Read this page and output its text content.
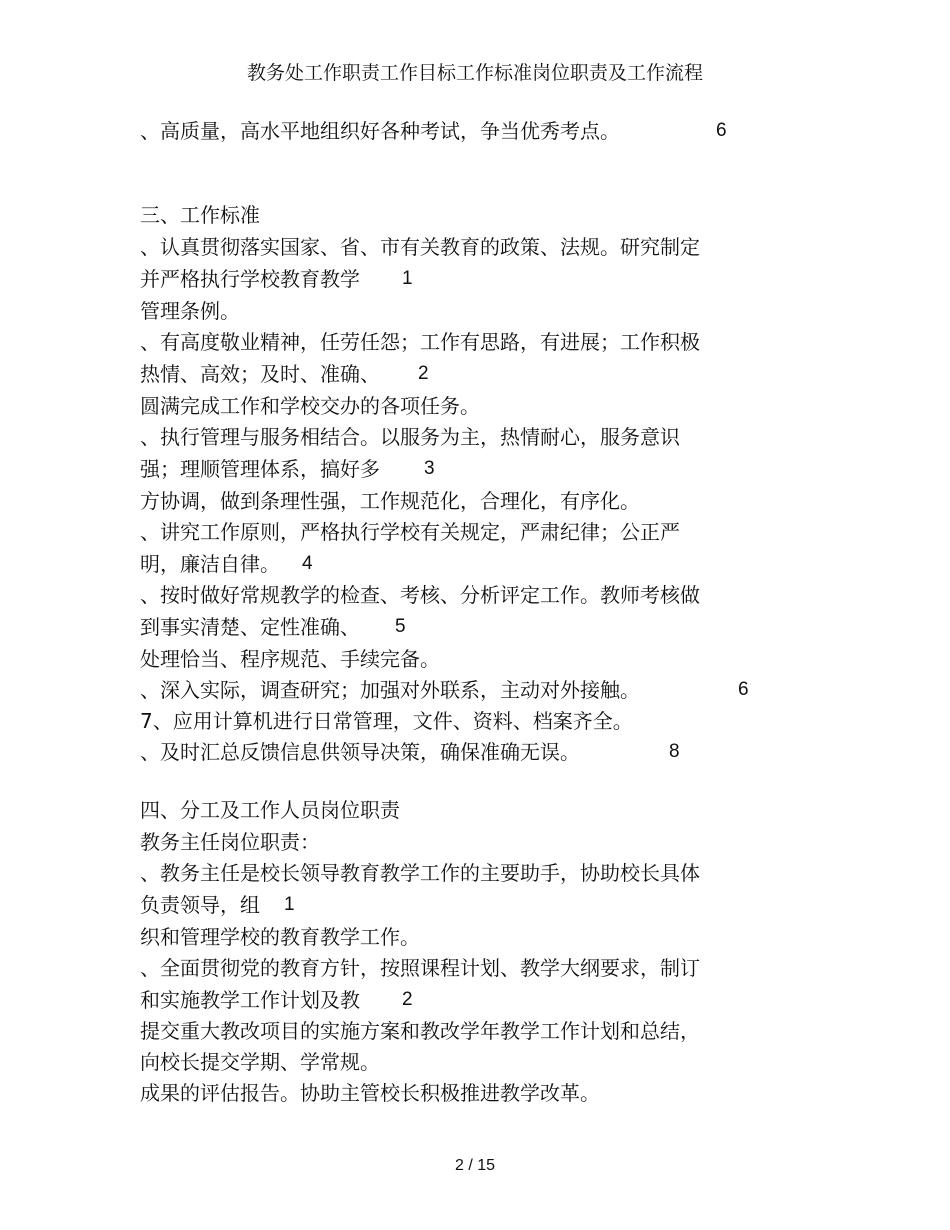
教务处工作职责工作目标工作标准岗位职责及工作流程
、高质量，高水平地组织好各种考试，争当优秀考点。	6
三、工作标准
、认真贯彻落实国家、省、市有关教育的政策、法规。研究制定
并严格执行学校教育教学 1
管理条例。
、有高度敬业精神，任劳任怨；工作有思路，有进展；工作积极
热情、高效；及时、准确、 2
圆满完成工作和学校交办的各项任务。
、执行管理与服务相结合。以服务为主，热情耐心，服务意识
强；理顺管理体系，搞好多 3
方协调，做到条理性强，工作规范化，合理化，有序化。
、讲究工作原则，严格执行学校有关规定，严肃纪律；公正严
明，廉洁自律。 4
、按时做好常规教学的检查、考核、分析评定工作。教师考核做
到事实清楚、定性准确、 5
处理恰当、程序规范、手续完备。
、深入实际，调查研究；加强对外联系，主动对外接触。	6
7、应用计算机进行日常管理，文件、资料、档案齐全。
、及时汇总反馈信息供领导决策，确保准确无误。	8
四、分工及工作人员岗位职责
教务主任岗位职责：
、教务主任是校长领导教育教学工作的主要助手，协助校长具体
负责领导，组 1
织和管理学校的教育教学工作。
、全面贯彻党的教育方针，按照课程计划、教学大纲要求，制订
和实施教学工作计划及教 2
提交重大教改项目的实施方案和教改学年教学工作计划和总结，
向校长提交学期、学常规。
成果的评估报告。协助主管校长积极推进教学改革。
2 / 15
